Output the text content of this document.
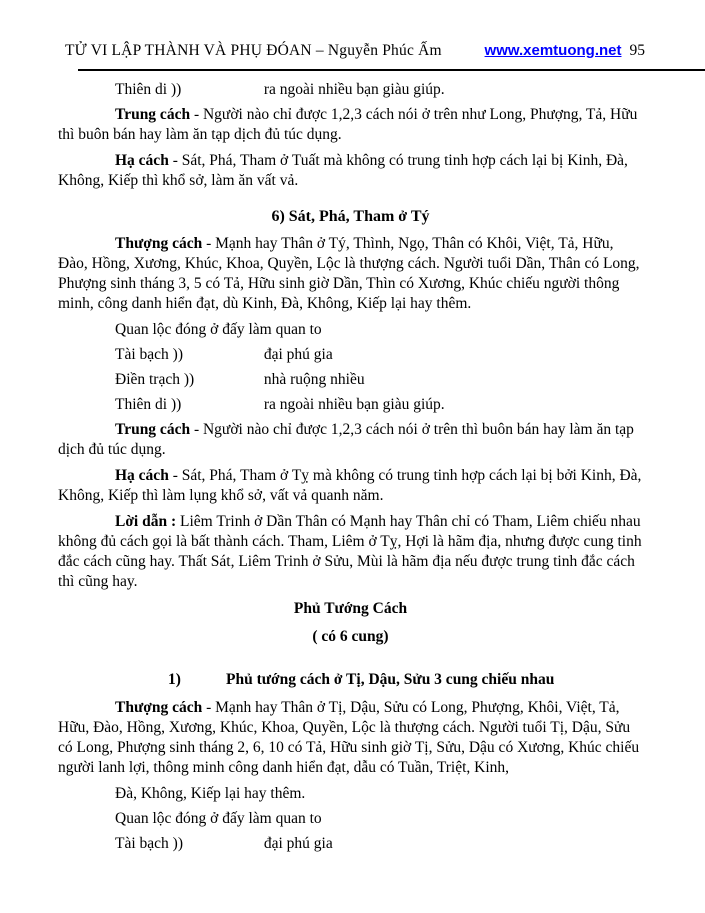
TỬ VI LẬP THÀNH VÀ PHỤ ĐÓAN – Nguyễn Phúc Ấm	www.xemtuong.net 95
Thiên di ))	ra ngoài nhiều bạn giàu giúp.

Trung cách - Người nào chỉ được 1,2,3 cách nói ở trên như Long, Phượng, Tả, Hữu thì buôn bán hay làm ăn tạp dịch đủ túc dụng.

Hạ cách - Sát, Phá, Tham ở Tuất mà không có trung tinh hợp cách lại bị Kinh, Đà, Không, Kiếp thì khổ sở, làm ăn vất vả.

6) Sát, Phá, Tham ở Tý

Thượng cách - Mạnh hay Thân ở Tý, Thình, Ngọ, Thân có Khôi, Việt, Tả, Hữu, Đào, Hồng, Xương, Khúc, Khoa, Quyền, Lộc là thượng cách. Người tuổi Dần, Thân có Long, Phượng sinh tháng 3, 5 có Tả, Hữu sinh giờ Dần, Thìn có Xương, Khúc chiếu người thông minh, công danh hiển đạt, dù Kinh, Đà, Không, Kiếp lại hay thêm.

Quan lộc đóng ở đấy làm quan to
Tài bạch ))	đại phú gia
Điền trạch ))	nhà ruộng nhiều
Thiên di ))	ra ngoài nhiều bạn giàu giúp.

Trung cách - Người nào chỉ được 1,2,3 cách nói ở trên thì buôn bán hay làm ăn tạp dịch đủ túc dụng.

Hạ cách - Sát, Phá, Tham ở Tỵ mà không có trung tinh hợp cách lại bị bởi Kinh, Đà, Không, Kiếp thì làm lụng khổ sở, vất vả quanh năm.

Lời dẫn : Liêm Trinh ở Dần Thân có Mạnh hay Thân chỉ có Tham, Liêm chiếu nhau không đủ cách gọi là bất thành cách. Tham, Liêm ở Tỵ, Hợi là hãm địa, nhưng được cung tinh đắc cách cũng hay. Thất Sát, Liêm Trinh ở Sửu, Mùi là hãm địa nếu được trung tinh đắc cách thì cũng hay.

Phủ Tướng Cách
( có 6 cung)
1)	Phủ tướng cách ở Tị, Dậu, Sửu 3 cung chiếu nhau

Thượng cách - Mạnh hay Thân ở Tị, Dậu, Sửu có Long, Phượng, Khôi, Việt, Tả, Hữu, Đào, Hồng, Xương, Khúc, Khoa, Quyền, Lộc là thượng cách. Người tuổi Tị, Dậu, Sửu có Long, Phượng sinh tháng 2, 6, 10 có Tả, Hữu sinh giờ Tị, Sửu, Dậu có Xương, Khúc chiếu người lanh lợi, thông minh công danh hiển đạt, dẫu có Tuần, Triệt, Kinh,

Đà, Không, Kiếp lại hay thêm.
Quan lộc đóng ở đấy làm quan to
Tài bạch ))	đại phú gia
